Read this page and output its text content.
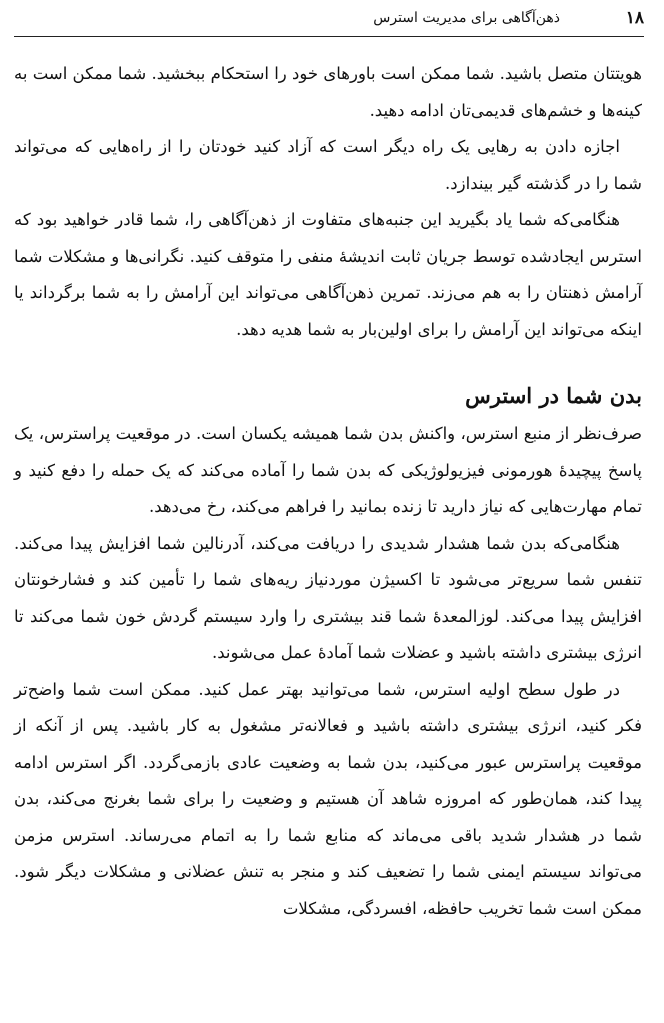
۱۸
ذهن‌آگاهی برای مدیریت استرس

هویتتان متصل باشید. شما ممکن است باورهای خود را استحکام ببخشید. شما ممکن است به کینه‌ها و خشم‌های قدیمی‌تان ادامه دهید.

اجازه دادن به رهایی یک راه دیگر است که آزاد کنید خودتان را از راه‌هایی که می‌تواند شما را در گذشته گیر بیندازد.

هنگامی‌که شما یاد بگیرید این جنبه‌های متفاوت از ذهن‌آگاهی را، شما قادر خواهید بود که استرس ایجادشده توسط جریان ثابت اندیشهٔ منفی را متوقف کنید. نگرانی‌ها و مشکلات شما آرامش ذهنتان را به هم می‌زند. تمرین ذهن‌آگاهی می‌تواند این آرامش را به شما برگرداند یا اینکه می‌تواند این آرامش را برای اولین‌بار به شما هدیه دهد.

بدن شما در استرس

صرف‌نظر از منبع استرس، واکنش بدن شما همیشه یکسان است. در موقعیت پراسترس، یک پاسخ پیچیدهٔ هورمونی فیزیولوژیکی که بدن شما را آماده می‌کند که یک حمله را دفع کنید و تمام مهارت‌هایی که نیاز دارید تا زنده بمانید را فراهم می‌کند، رخ می‌دهد.

هنگامی‌که بدن شما هشدار شدیدی را دریافت می‌کند، آدرنالین شما افزایش پیدا می‌کند. تنفس شما سریع‌تر می‌شود تا اکسیژن موردنیاز ریه‌های شما را تأمین کند و فشارخونتان افزایش پیدا می‌کند. لوزالمعدهٔ شما قند بیشتری را وارد سیستم گردش خون شما می‌کند تا انرژی بیشتری داشته باشید و عضلات شما آمادهٔ عمل می‌شوند.

در طول سطح اولیه استرس، شما می‌توانید بهتر عمل کنید. ممکن است شما واضح‌تر فکر کنید، انرژی بیشتری داشته باشید و فعالانه‌تر مشغول به کار باشید. پس از آنکه از موقعیت پراسترس عبور می‌کنید، بدن شما به وضعیت عادی بازمی‌گردد. اگر استرس ادامه پیدا کند، همان‌طور که امروزه شاهد آن هستیم و وضعیت را برای شما بغرنج می‌کند، بدن شما در هشدار شدید باقی می‌ماند که منابع شما را به اتمام می‌رساند. استرس مزمن می‌تواند سیستم ایمنی شما را تضعیف کند و منجر به تنش عضلانی و مشکلات دیگر شود. ممکن است شما تخریب حافظه، افسردگی، مشکلات
